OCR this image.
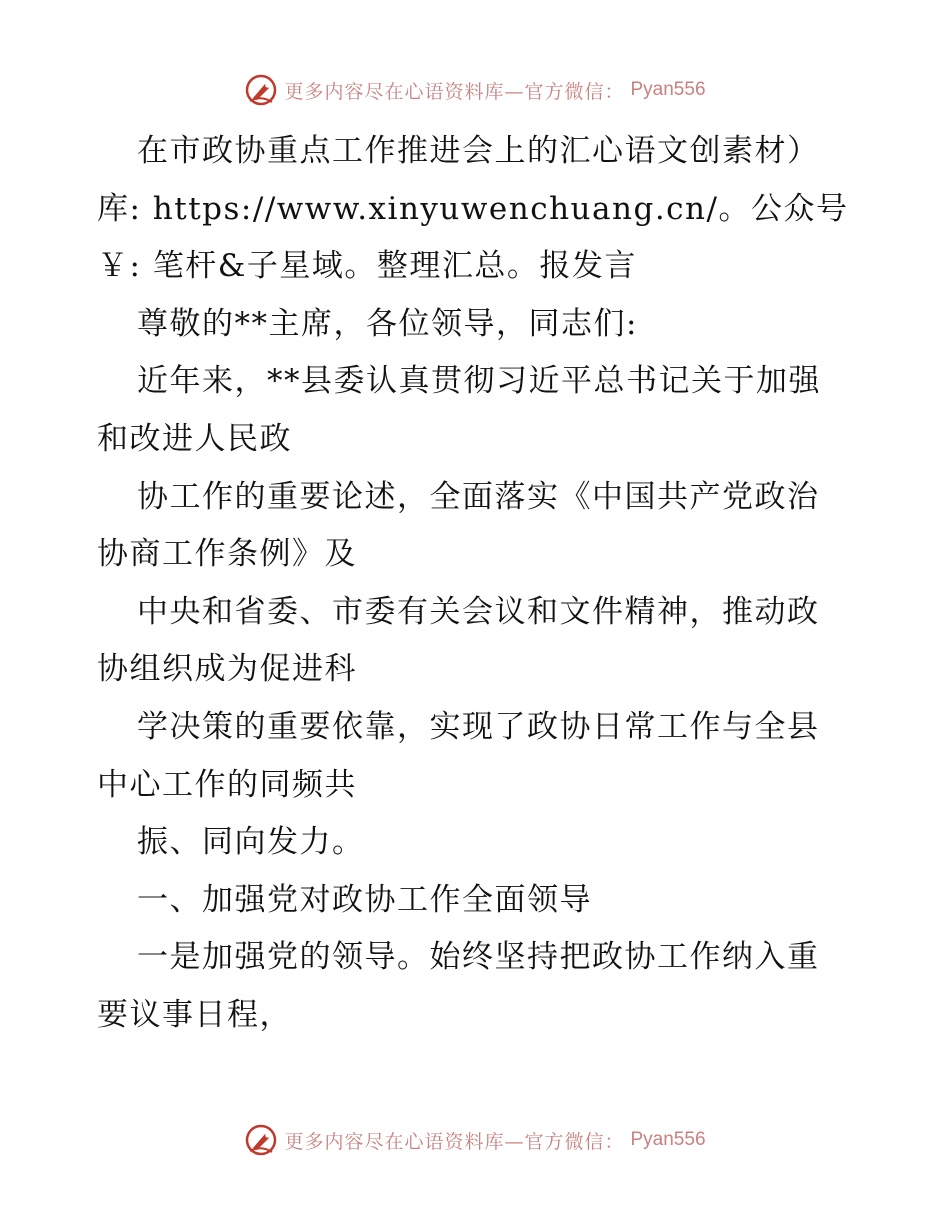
更多内容尽在心语资料库—官方微信： Pyan556
在市政协重点工作推进会上的汇心语文创素材）
库: https://www.xinyuwenchuang.cn/。公众号
￥: 笔杆&子星域。整理汇总。报发言
尊敬的**主席，各位领导，同志们:
近年来，**县委认真贯彻习近平总书记关于加强
和改进人民政
协工作的重要论述，全面落实《中国共产党政治
协商工作条例》及
中央和省委、市委有关会议和文件精神，推动政
协组织成为促进科
学决策的重要依靠，实现了政协日常工作与全县
中心工作的同频共
振、同向发力。
一、加强党对政协工作全面领导
一是加强党的领导。始终坚持把政协工作纳入重
要议事日程，
更多内容尽在心语资料库—官方微信： Pyan556
